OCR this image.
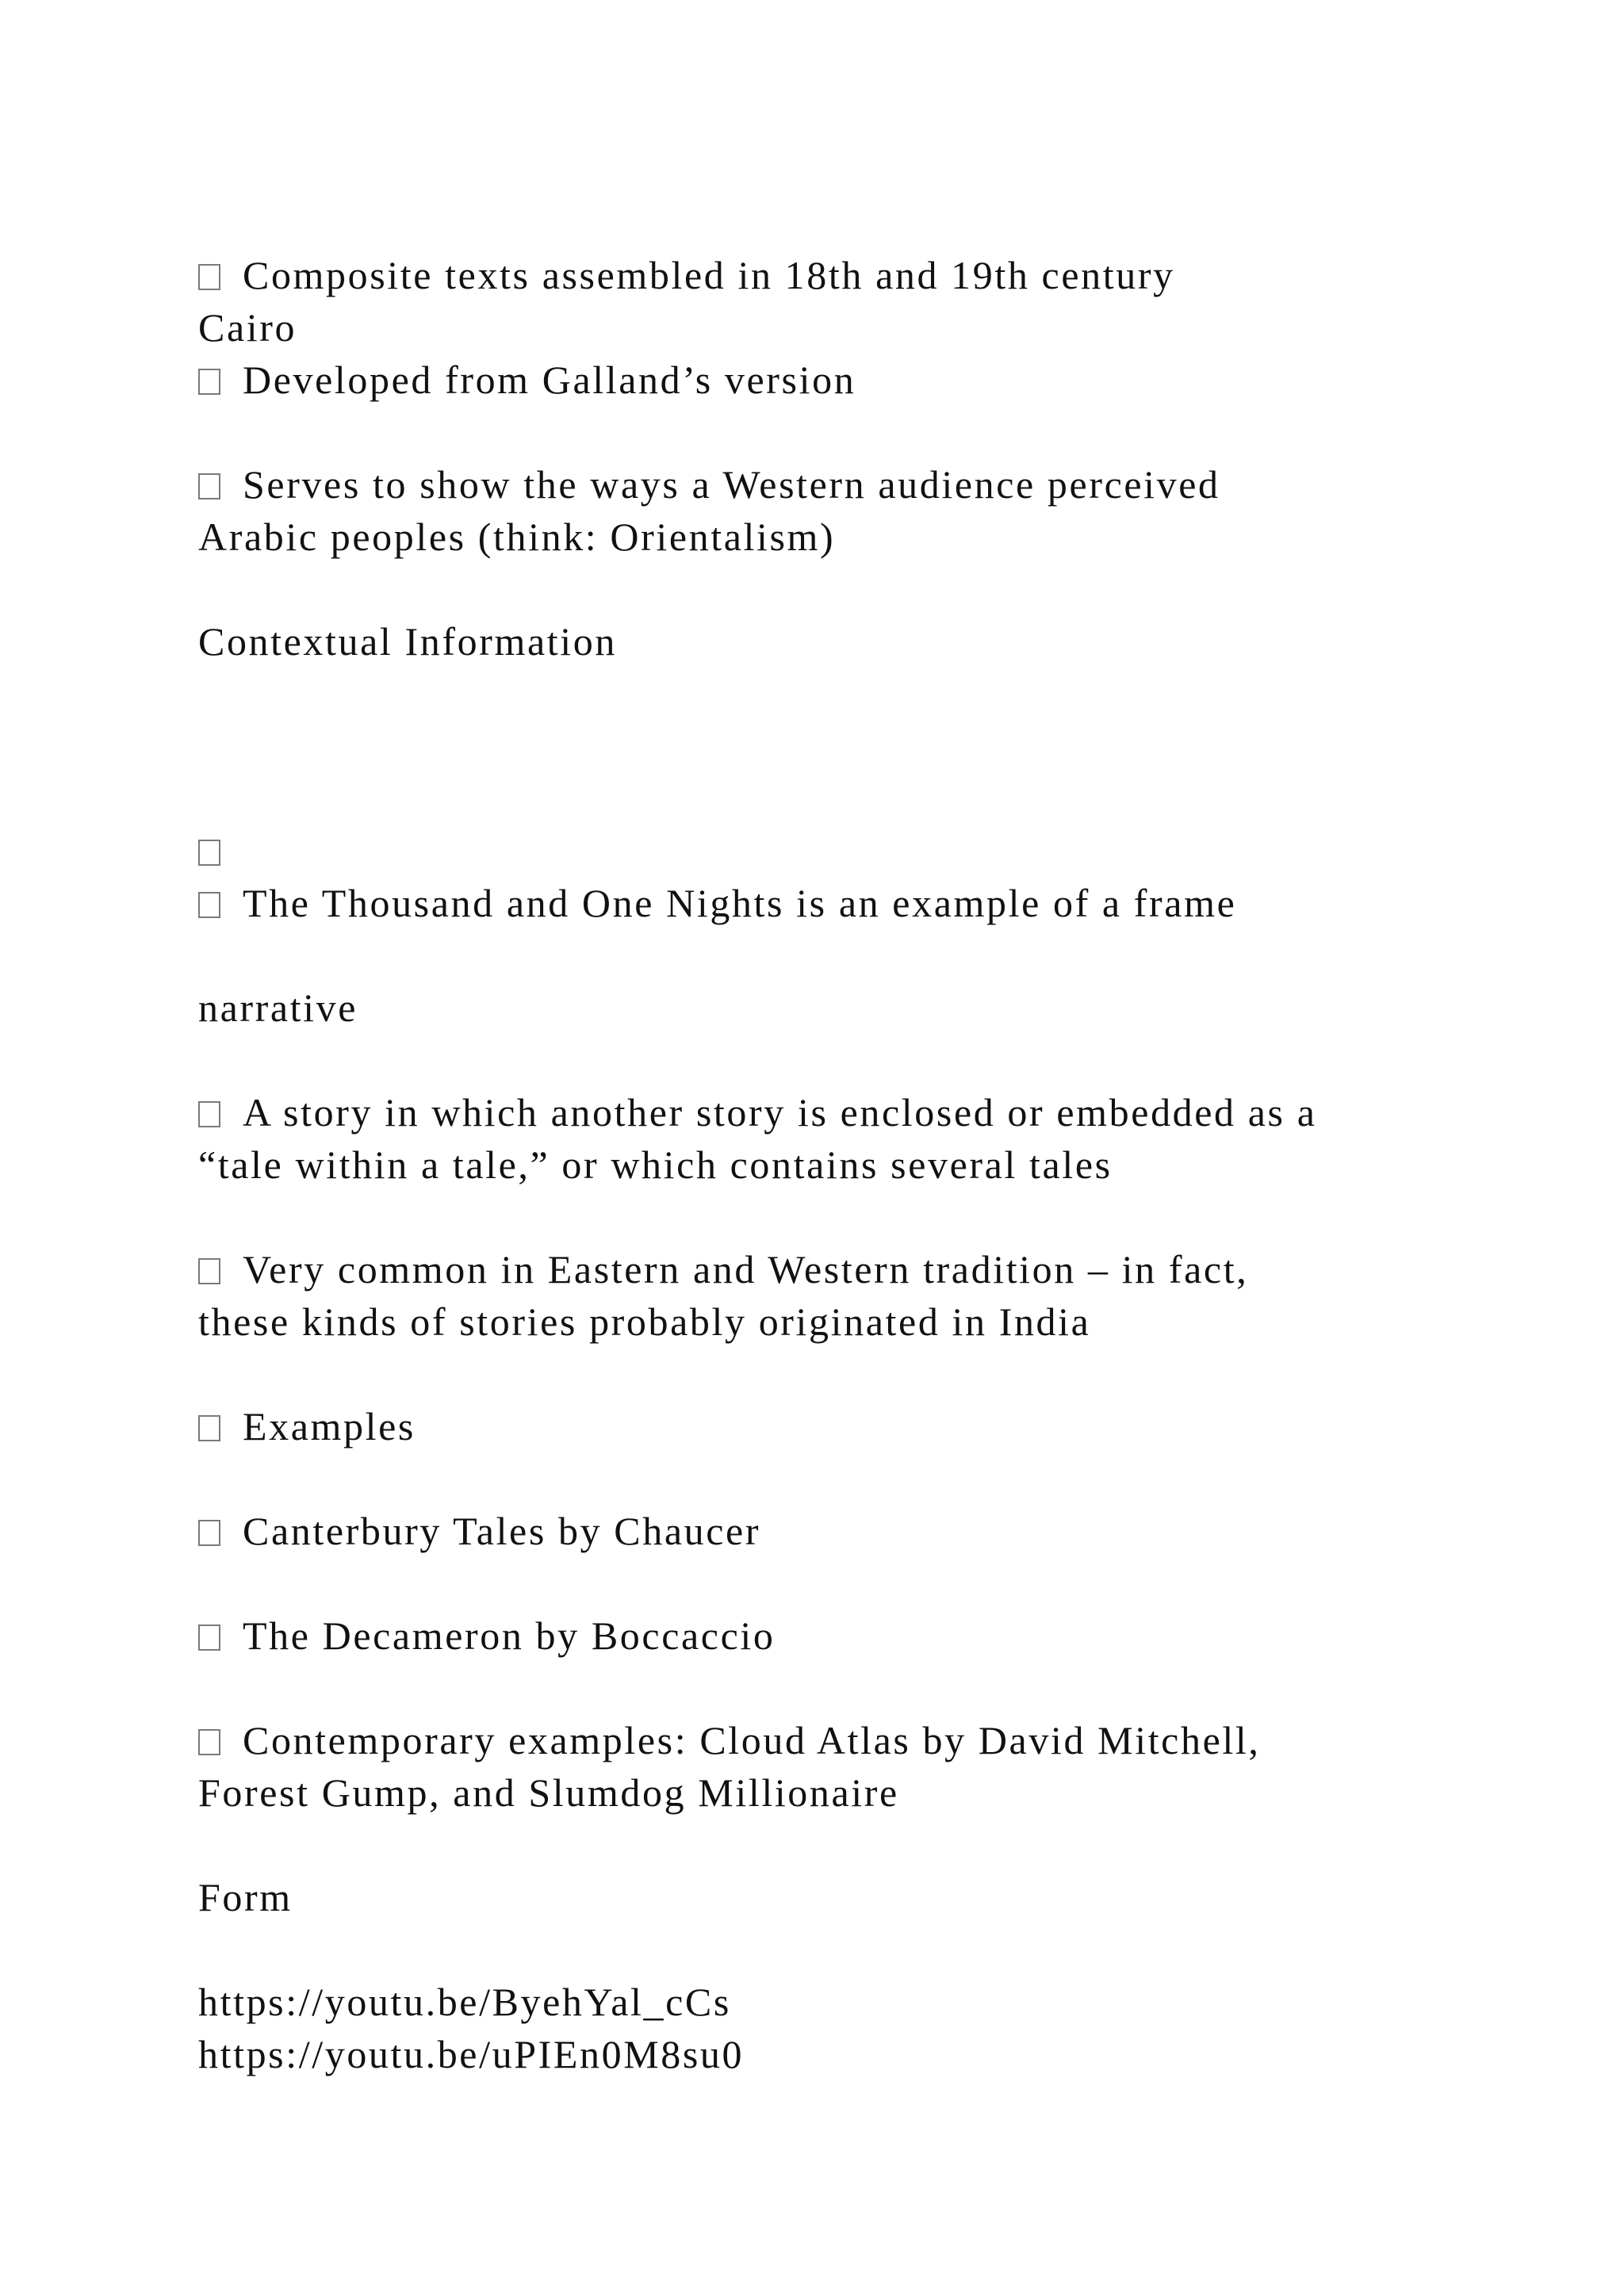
Composite texts assembled in 18th and 19th century

Cairo

Developed from Galland’s version

Serves to show the ways a Western audience perceived

Arabic peoples (think: Orientalism)

Contextual Information

The Thousand and One Nights is an example of a frame

narrative

A story in which another story is enclosed or embedded as a

“tale within a tale,” or which contains several tales

Very common in Eastern and Western tradition – in fact,

these kinds of stories probably originated in India

Examples

Canterbury Tales by Chaucer

The Decameron by Boccaccio

Contemporary examples: Cloud Atlas by David Mitchell,

Forest Gump, and Slumdog Millionaire

Form

https://youtu.be/ByehYal_cCs

https://youtu.be/uPIEn0M8su0
